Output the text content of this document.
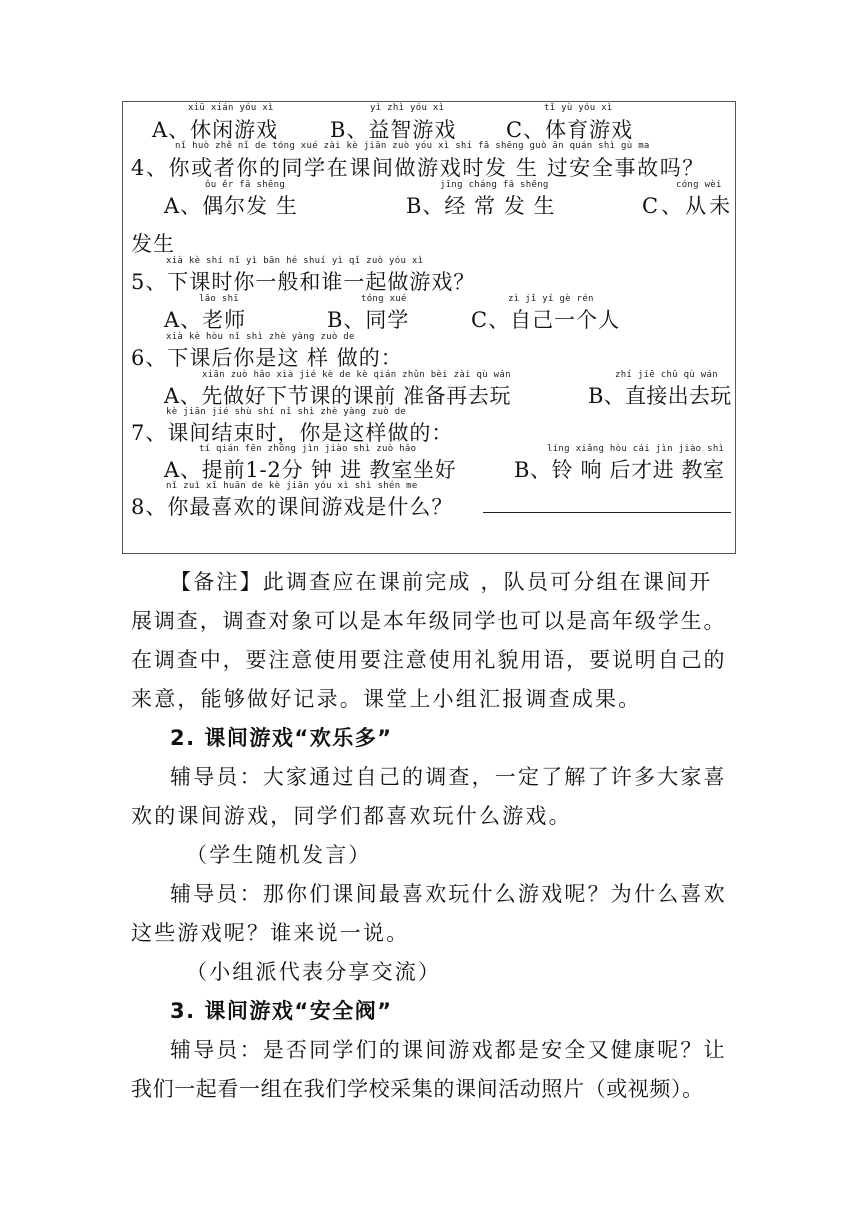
xiū xián yóu xì	yì zhì yóu xì	tǐ yù yóu xì
A、休闲游戏 B、益智游戏 C、体育游戏
nǐ huò zhě nǐ de tóng xué zài kè jiān zuò yóu xì shí fā shēng guò ān quán shì gù ma
4、你或者你的同学在课间做游戏时发 生 过安全事故吗？
ǒu ěr fā shēng	jīng cháng fā shēng	cóng wèi
A、偶尔发 生	B、经 常 发 生	C、从未
发生
xià kè shí nǐ yì bān hé shuí yì qǐ zuò yóu xì
5、下课时你一般和谁一起做游戏？
lǎo shī	tóng xué	zì jǐ yí gè rén
A、老师	B、同学	C、自己一个人
xià kè hòu nǐ shì zhè yàng zuò de
6、下课后你是这 样 做的：
xiān zuò hǎo xià jié kè de kè qián zhǔn bèi zài qù wán	zhí jiē chū qù wán
A、先做好下节课的课前 准备再去玩	B、直接出去玩
kè jiān jié shù shí nǐ shì zhè yàng zuò de
7、课间结束时，你是这样做的：
tí qián fēn zhōng jìn jiào shì zuò hǎo	líng xiǎng hòu cái jìn jiào shì
A、提前1-2分 钟 进 教室坐好	B、铃 响 后才进 教室
nǐ zuì xǐ huān de kè jiān yóu xì shì shén me
8、你最喜欢的课间游戏是什么？
【备注】此调查应在课前完成 ，队员可分组在课间开
展调查，调查对象可以是本年级同学也可以是高年级学生。
在调查中，要注意使用要注意使用礼貌用语，要说明自己的
来意，能够做好记录。课堂上小组汇报调查成果。
2. 课间游戏“欢乐多”
辅导员：大家通过自己的调查，一定了解了许多大家喜
欢的课间游戏，同学们都喜欢玩什么游戏。
（学生随机发言）
辅导员：那你们课间最喜欢玩什么游戏呢？为什么喜欢
这些游戏呢？谁来说一说。
（小组派代表分享交流）
3. 课间游戏“安全阀”
辅导员：是否同学们的课间游戏都是安全又健康呢？让
我们一起看一组在我们学校采集的课间活动照片（或视频）。
